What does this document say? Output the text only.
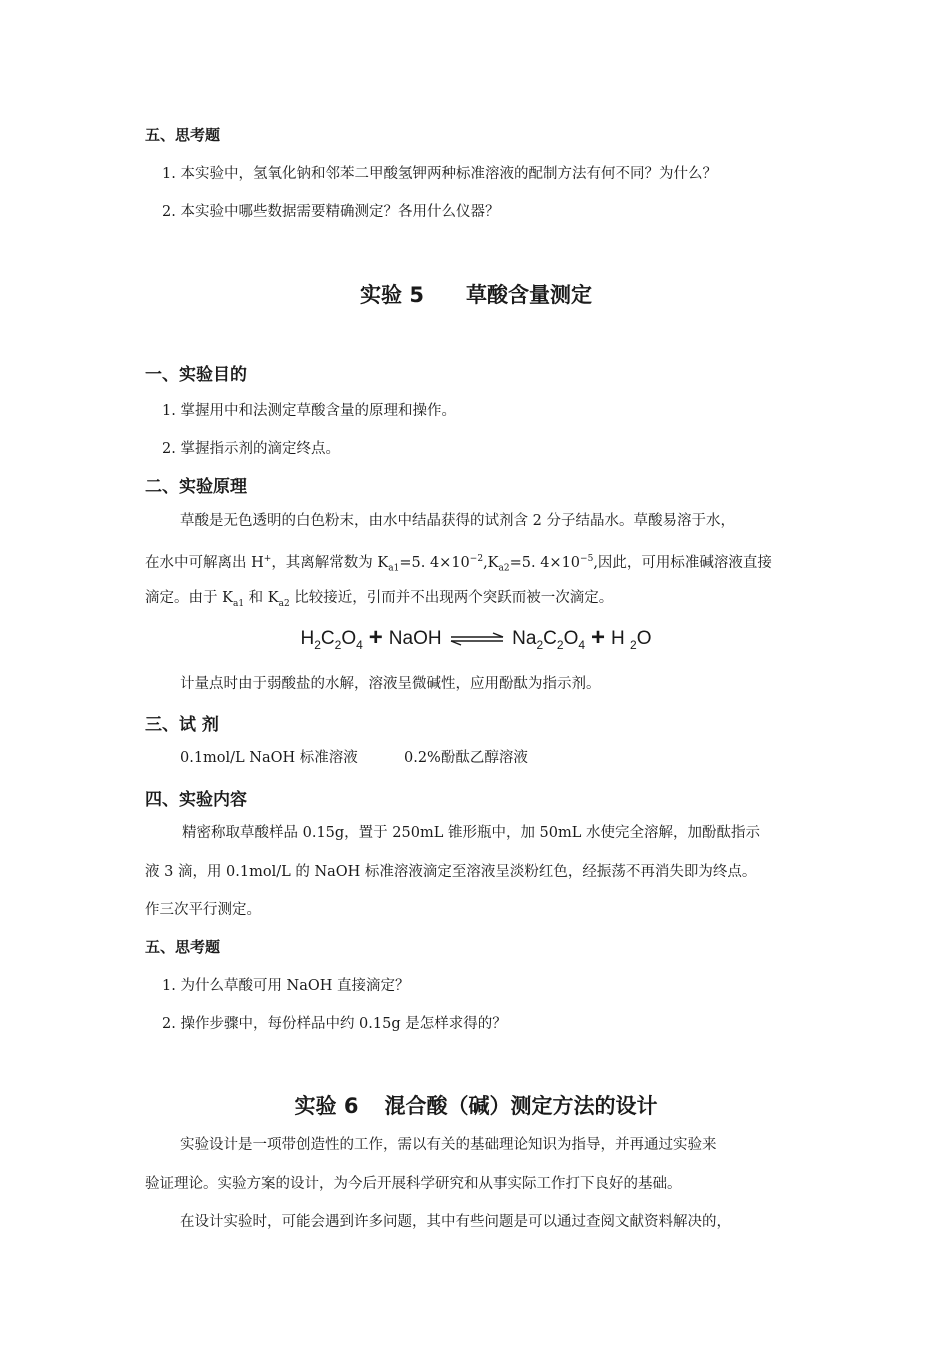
五、思考题
1. 本实验中，氢氧化钠和邻苯二甲酸氢钾两种标准溶液的配制方法有何不同？为什么？
2. 本实验中哪些数据需要精确测定？各用什么仪器？
实验 5 草酸含量测定
一、实验目的
1. 掌握用中和法测定草酸含量的原理和操作。
2. 掌握指示剂的滴定终点。
二、实验原理
草酸是无色透明的白色粉末，由水中结晶获得的试剂含 2 分子结晶水。草酸易溶于水，
在水中可解离出 H+，其离解常数为 $K_{a1}=5$. $4\times 10^{-2},K_{a2}=5$. $4\times 10^{-5}$,因此，可用标准碱溶液直接
滴定。由于 $K_{a1}$ 和 $K_{a2}$ 比较接近，引而并不出现两个突跃而被一次滴定。
$H_2C_2O_4$ + NaOH ⇌ $Na_2C_2O_4 + H$ $_2$O
计量点时由于弱酸盐的水解，溶液呈微碱性，应用酚酞为指示剂。
三、试 剂
0.1mol/L NaOH 标准溶液	0.2%酚酞乙醇溶液
四、实验内容
精密称取草酸样品 0.15g，置于 250mL 锥形瓶中，加 50mL 水使完全溶解，加酚酞指示
液 3 滴，用 0.1mol/L 的 NaOH 标准溶液滴定至溶液呈淡粉红色，经振荡不再消失即为终点。
作三次平行测定。
五、思考题
1. 为什么草酸可用 NaOH 直接滴定？
2. 操作步骤中，每份样品中约 0.15g 是怎样求得的？
实验 6 混合酸（碱）测定方法的设计
实验设计是一项带创造性的工作，需以有关的基础理论知识为指导，并再通过实验来
验证理论。实验方案的设计，为今后开展科学研究和从事实际工作打下良好的基础。
在设计实验时，可能会遇到许多问题，其中有些问题是可以通过查阅文献资料解决的，
